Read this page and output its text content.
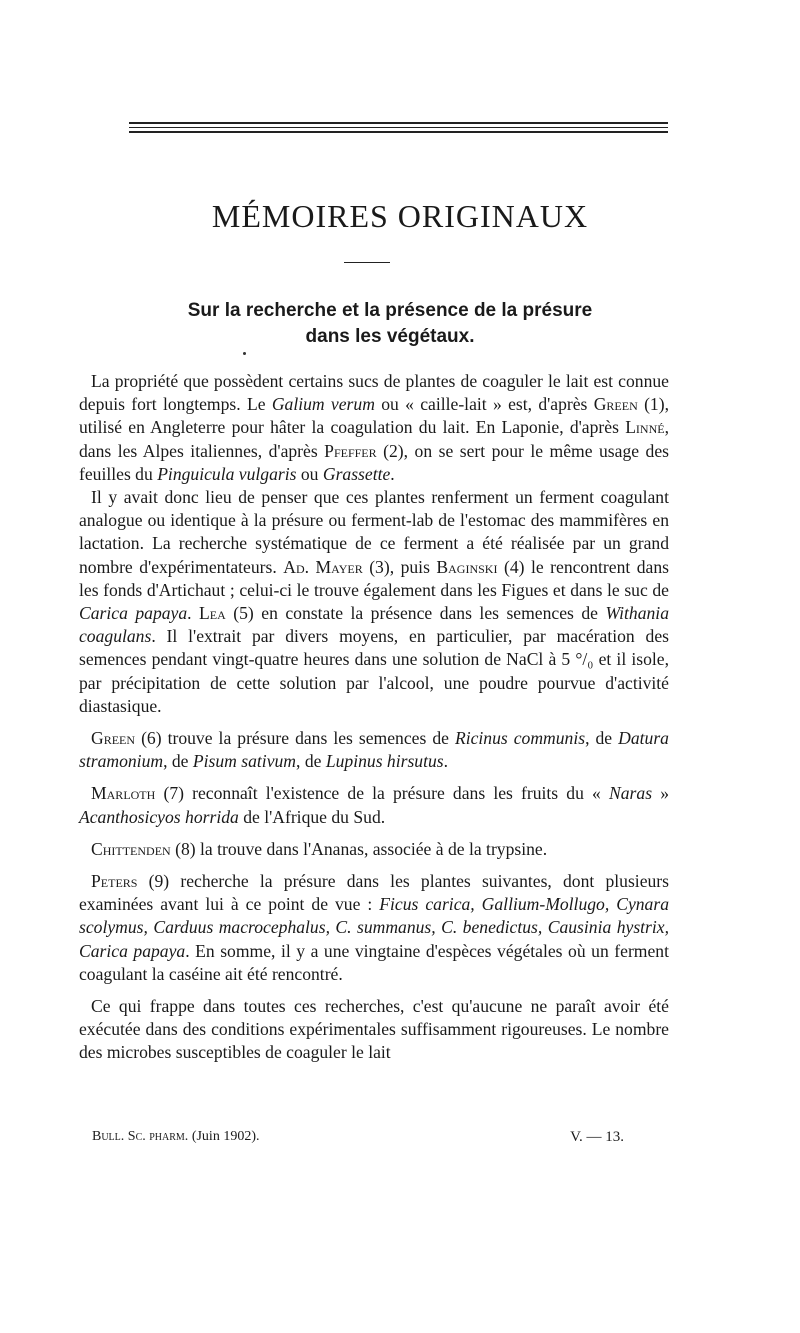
MÉMOIRES ORIGINAUX
Sur la recherche et la présence de la présure
dans les végétaux.

La propriété que possèdent certains sucs de plantes de coaguler le lait est connue depuis fort longtemps. Le Galium verum ou « caille-lait » est, d'après Green (1), utilisé en Angleterre pour hâter la coagulation du lait. En Laponie, d'après Linné, dans les Alpes italiennes, d'après Pfeffer (2), on se sert pour le même usage des feuilles du Pinguicula vulgaris ou Grassette.

Il y avait donc lieu de penser que ces plantes renferment un ferment coagulant analogue ou identique à la présure ou ferment-lab de l'estomac des mammifères en lactation. La recherche systématique de ce ferment a été réalisée par un grand nombre d'expérimentateurs. Ad. Mayer (3), puis Baginski (4) le rencontrent dans les fonds d'Artichaut ; celui-ci le trouve également dans les Figues et dans le suc de Carica papaya. Lea (5) en constate la présence dans les semences de Withania coagulans. Il l'extrait par divers moyens, en particulier, par macération des semences pendant vingt-quatre heures dans une solution de NaCl à 5 °/₀ et il isole, par précipitation de cette solution par l'alcool, une poudre pourvue d'activité diastasique.

Green (6) trouve la présure dans les semences de Ricinus communis, de Datura stramonium, de Pisum sativum, de Lupinus hirsutus.

Marloth (7) reconnaît l'existence de la présure dans les fruits du « Naras » Acanthosicyos horrida de l'Afrique du Sud.

Chittenden (8) la trouve dans l'Ananas, associée à de la trypsine.

Peters (9) recherche la présure dans les plantes suivantes, dont plusieurs examinées avant lui à ce point de vue : Ficus carica, Gallium-Mollugo, Cynara scolymus, Carduus macrocephalus, C. summanus, C. benedictus, Causinia hystrix, Carica papaya. En somme, il y a une vingtaine d'espèces végétales où un ferment coagulant la caséine ait été rencontré.

Ce qui frappe dans toutes ces recherches, c'est qu'aucune ne paraît avoir été exécutée dans des conditions expérimentales suffisamment rigoureuses. Le nombre des microbes susceptibles de coaguler le lait

Bull. Sc. pharm. (Juin 1902).	V. — 13.
